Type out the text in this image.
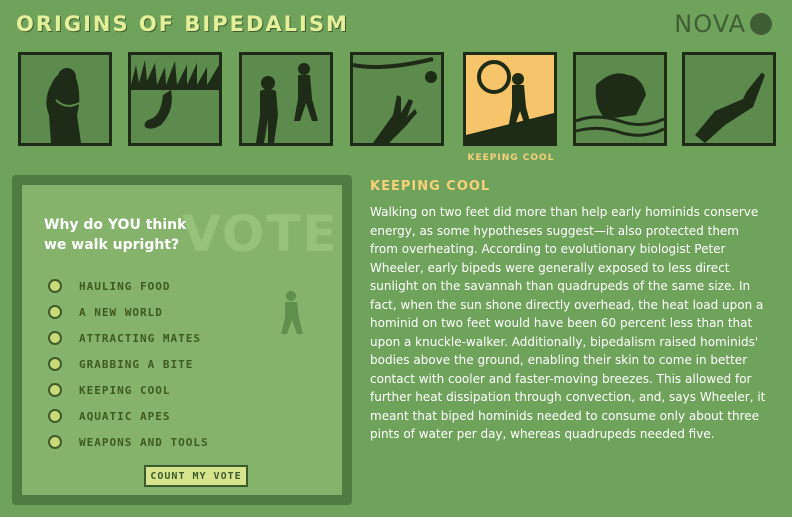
ORIGINS OF BIPEDALISM	NOVA
KEEPING COOL
VOTE
Why do YOU think we walk upright?
HAULING FOOD
A NEW WORLD
ATTRACTING MATES
GRABBING A BITE
KEEPING COOL
AQUATIC APES
WEAPONS AND TOOLS
COUNT MY VOTE
KEEPING COOL
Walking on two feet did more than help early hominids conserve energy, as some hypotheses suggest—it also protected them from overheating. According to evolutionary biologist Peter Wheeler, early bipeds were generally exposed to less direct sunlight on the savannah than quadrupeds of the same size. In fact, when the sun shone directly overhead, the heat load upon a hominid on two feet would have been 60 percent less than that upon a knuckle-walker. Additionally, bipedalism raised hominids' bodies above the ground, enabling their skin to come in better contact with cooler and faster-moving breezes. This allowed for further heat dissipation through convection, and, says Wheeler, it meant that biped hominids needed to consume only about three pints of water per day, whereas quadrupeds needed five.
